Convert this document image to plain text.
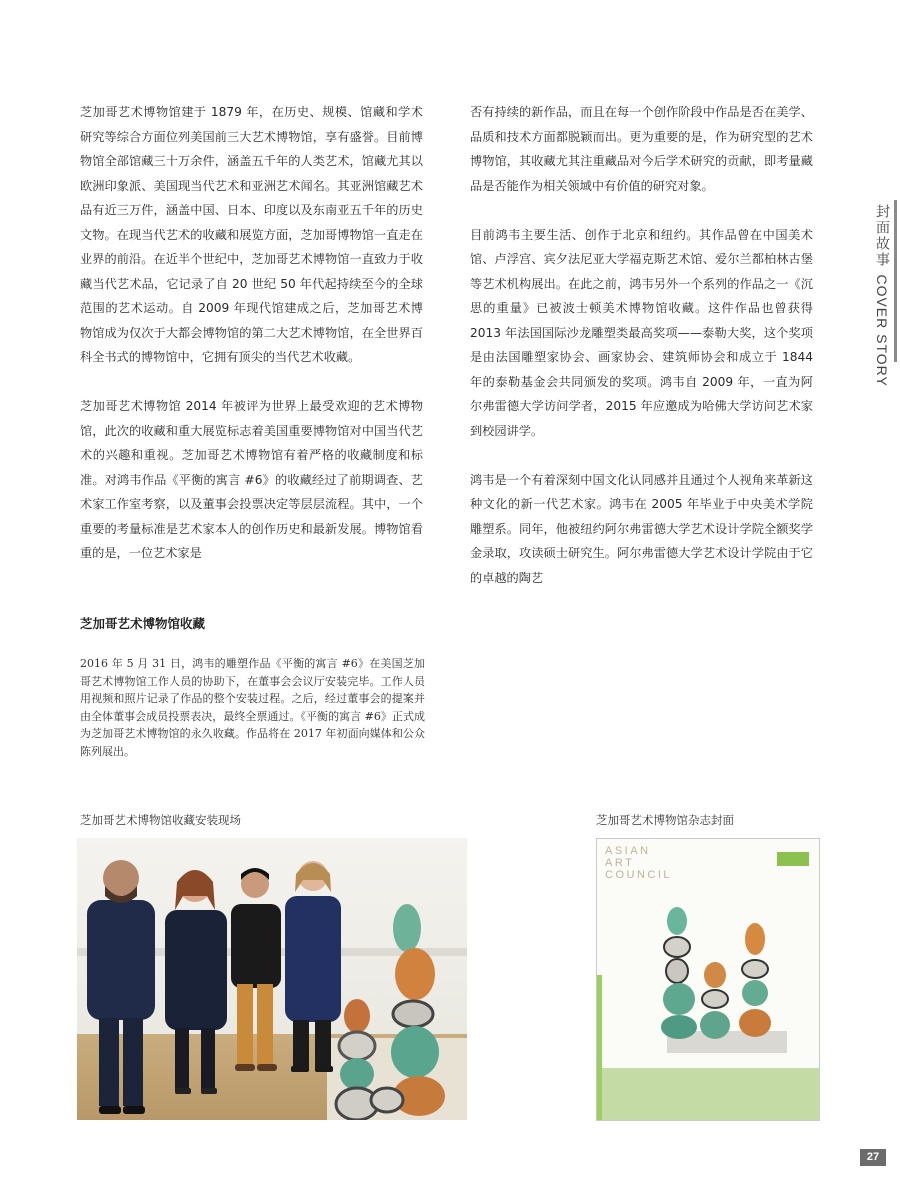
封面故事 COVER STORY

芝加哥艺术博物馆建于 1879 年，在历史、规模、馆藏和学术研究等综合方面位列美国前三大艺术博物馆，享有盛誉。目前博物馆全部馆藏三十万余件，涵盖五千年的人类艺术，馆藏尤其以欧洲印象派、美国现当代艺术和亚洲艺术闻名。其亚洲馆藏艺术品有近三万件，涵盖中国、日本、印度以及东南亚五千年的历史文物。在现当代艺术的收藏和展览方面，芝加哥博物馆一直走在业界的前沿。在近半个世纪中，芝加哥艺术博物馆一直致力于收藏当代艺术品，它记录了自 20 世纪 50 年代起持续至今的全球范围的艺术运动。自 2009 年现代馆建成之后，芝加哥艺术博物馆成为仅次于大都会博物馆的第二大艺术博物馆，在全世界百科全书式的博物馆中，它拥有顶尖的当代艺术收藏。

芝加哥艺术博物馆 2014 年被评为世界上最受欢迎的艺术博物馆，此次的收藏和重大展览标志着美国重要博物馆对中国当代艺术的兴趣和重视。芝加哥艺术博物馆有着严格的收藏制度和标准。对鸿韦作品《平衡的寓言 #6》的收藏经过了前期调查、艺术家工作室考察，以及董事会投票决定等层层流程。其中，一个重要的考量标准是艺术家本人的创作历史和最新发展。博物馆看重的是，一位艺术家是

否有持续的新作品，而且在每一个创作阶段中作品是否在美学、品质和技术方面都脱颖而出。更为重要的是，作为研究型的艺术博物馆，其收藏尤其注重藏品对今后学术研究的贡献，即考量藏品是否能作为相关领域中有价值的研究对象。

目前鸿韦主要生活、创作于北京和纽约。其作品曾在中国美术馆、卢浮宫、宾夕法尼亚大学福克斯艺术馆、爱尔兰都柏林古堡等艺术机构展出。在此之前，鸿韦另外一个系列的作品之一《沉思的重量》已被波士顿美术博物馆收藏。这件作品也曾获得 2013 年法国国际沙龙雕塑类最高奖项——泰勒大奖，这个奖项是由法国雕塑家协会、画家协会、建筑师协会和成立于 1844 年的泰勒基金会共同颁发的奖项。鸿韦自 2009 年，一直为阿尔弗雷德大学访问学者，2015 年应邀成为哈佛大学访问艺术家到校园讲学。

鸿韦是一个有着深刻中国文化认同感并且通过个人视角来革新这种文化的新一代艺术家。鸿韦在 2005 年毕业于中央美术学院雕塑系。同年，他被纽约阿尔弗雷德大学艺术设计学院全额奖学金录取，攻读硕士研究生。阿尔弗雷德大学艺术设计学院由于它的卓越的陶艺

芝加哥艺术博物馆收藏
2016 年 5 月 31 日，鸿韦的雕塑作品《平衡的寓言 #6》在美国芝加哥艺术博物馆工作人员的协助下，在董事会会议厅安装完毕。工作人员用视频和照片记录了作品的整个安装过程。之后，经过董事会的提案并由全体董事会成员投票表决，最终全票通过。《平衡的寓言 #6》正式成为芝加哥艺术博物馆的永久收藏。作品将在 2017 年初面向媒体和公众陈列展出。
芝加哥艺术博物馆收藏安装现场	芝加哥艺术博物馆杂志封面
ASIAN
ART
COUNCIL
27
